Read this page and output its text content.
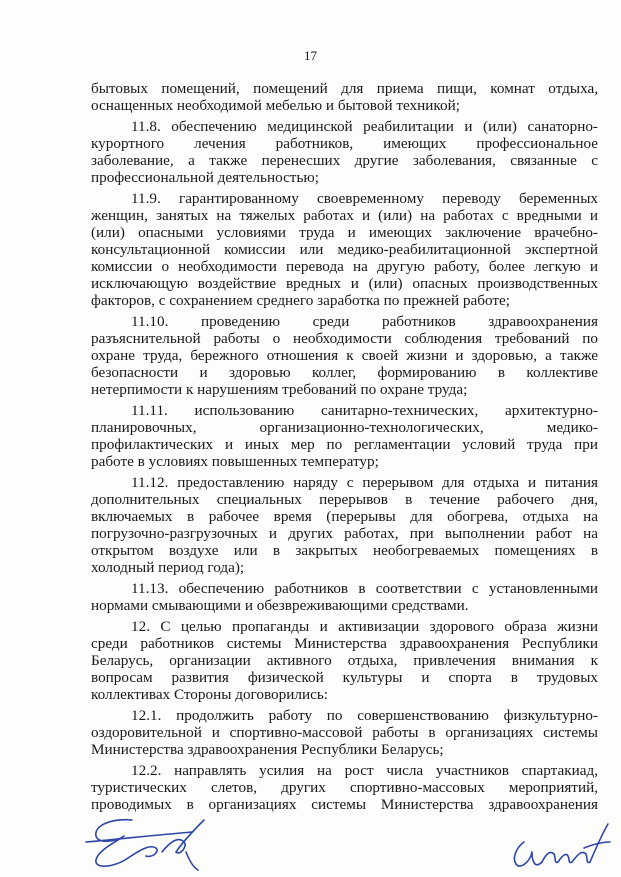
17
бытовых помещений, помещений для приема пищи, комнат отдыха,
оснащенных необходимой мебелью и бытовой техникой;
11.8. обеспечению медицинской реабилитации и (или) санаторно-
курортного лечения работников, имеющих профессиональное
заболевание, а также перенесших другие заболевания, связанные с
профессиональной деятельностью;
11.9. гарантированному своевременному переводу беременных
женщин, занятых на тяжелых работах и (или) на работах с вредными и
(или) опасными условиями труда и имеющих заключение врачебно-
консультационной комиссии или медико-реабилитационной экспертной
комиссии о необходимости перевода на другую работу, более легкую и
исключающую воздействие вредных и (или) опасных производственных
факторов, с сохранением среднего заработка по прежней работе;
11.10. проведению среди работников здравоохранения
разъяснительной работы о необходимости соблюдения требований по
охране труда, бережного отношения к своей жизни и здоровью, а также
безопасности и здоровью коллег, формированию в коллективе
нетерпимости к нарушениям требований по охране труда;
11.11. использованию санитарно-технических, архитектурно-
планировочных, организационно-технологических, медико-
профилактических и иных мер по регламентации условий труда при
работе в условиях повышенных температур;
11.12. предоставлению наряду с перерывом для отдыха и питания
дополнительных специальных перерывов в течение рабочего дня,
включаемых в рабочее время (перерывы для обогрева, отдыха на
погрузочно-разгрузочных и других работах, при выполнении работ на
открытом воздухе или в закрытых необогреваемых помещениях в
холодный период года);
11.13. обеспечению работников в соответствии с установленными
нормами смывающими и обезвреживающими средствами.
12. С целью пропаганды и активизации здорового образа жизни
среди работников системы Министерства здравоохранения Республики
Беларусь, организации активного отдыха, привлечения внимания к
вопросам развития физической культуры и спорта в трудовых
коллективах Стороны договорились:
12.1. продолжить работу по совершенствованию физкультурно-
оздоровительной и спортивно-массовой работы в организациях системы
Министерства здравоохранения Республики Беларусь;
12.2. направлять усилия на рост числа участников спартакиад,
туристических слетов, других спортивно-массовых мероприятий,
проводимых в организациях системы Министерства здравоохранения
